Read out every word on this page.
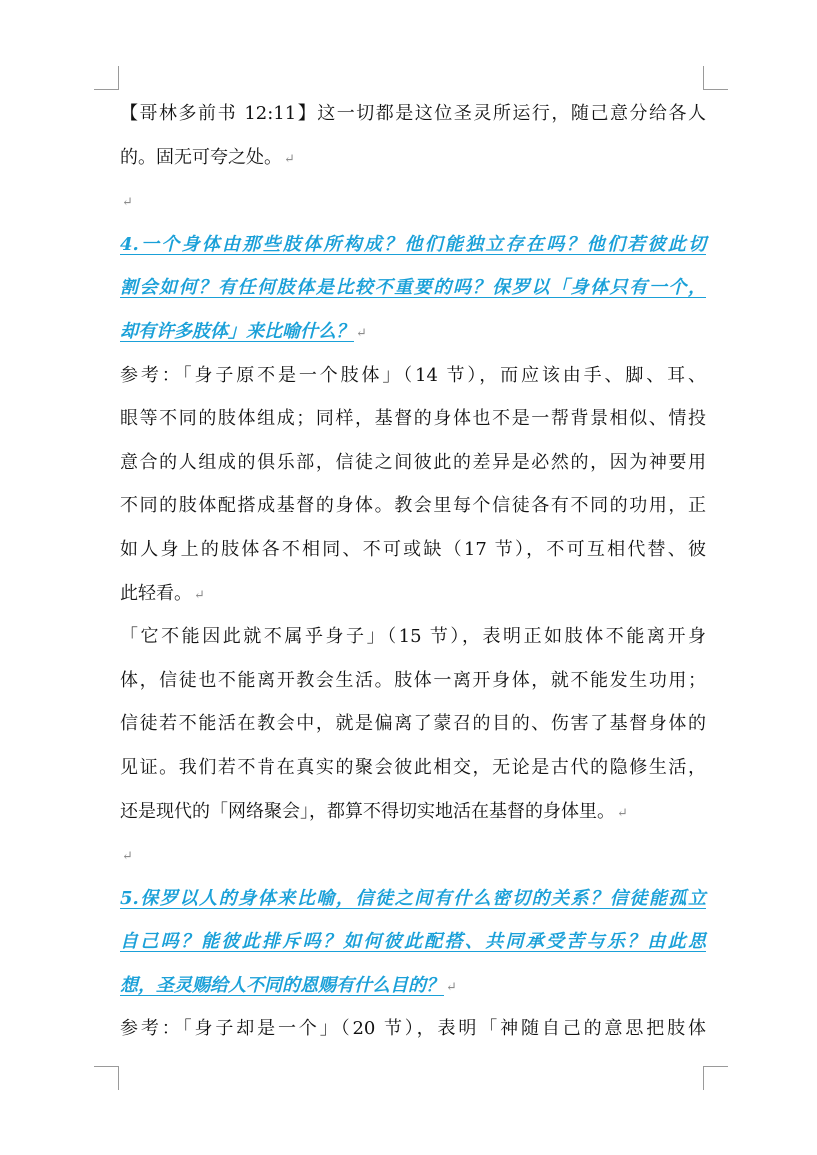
【哥林多前书 12:11】这一切都是这位圣灵所运行，随己意分给各人
的。固无可夸之处。 ↵
↵
4.一个身体由那些肢体所构成？他们能独立存在吗？他们若彼此切
割会如何？有任何肢体是比较不重要的吗？保罗以「身体只有一个，
却有许多肢体」来比喻什么？ ↵
参考：「身子原不是一个肢体」（14 节），而应该由手、脚、耳、
眼等不同的肢体组成；同样，基督的身体也不是一帮背景相似、情投
意合的人组成的俱乐部，信徒之间彼此的差异是必然的，因为神要用
不同的肢体配搭成基督的身体。教会里每个信徒各有不同的功用，正
如人身上的肢体各不相同、不可或缺（17 节），不可互相代替、彼
此轻看。 ↵
「它不能因此就不属乎身子」（15 节），表明正如肢体不能离开身
体，信徒也不能离开教会生活。肢体一离开身体，就不能发生功用；
信徒若不能活在教会中，就是偏离了蒙召的目的、伤害了基督身体的
见证。我们若不肯在真实的聚会彼此相交，无论是古代的隐修生活，
还是现代的「网络聚会」，都算不得切实地活在基督的身体里。 ↵
↵
5.保罗以人的身体来比喻，信徒之间有什么密切的关系？信徒能孤立
自己吗？能彼此排斥吗？如何彼此配搭、共同承受苦与乐？由此思
想，圣灵赐给人不同的恩赐有什么目的？ ↵
参考：「身子却是一个」（20 节），表明「神随自己的意思把肢体
